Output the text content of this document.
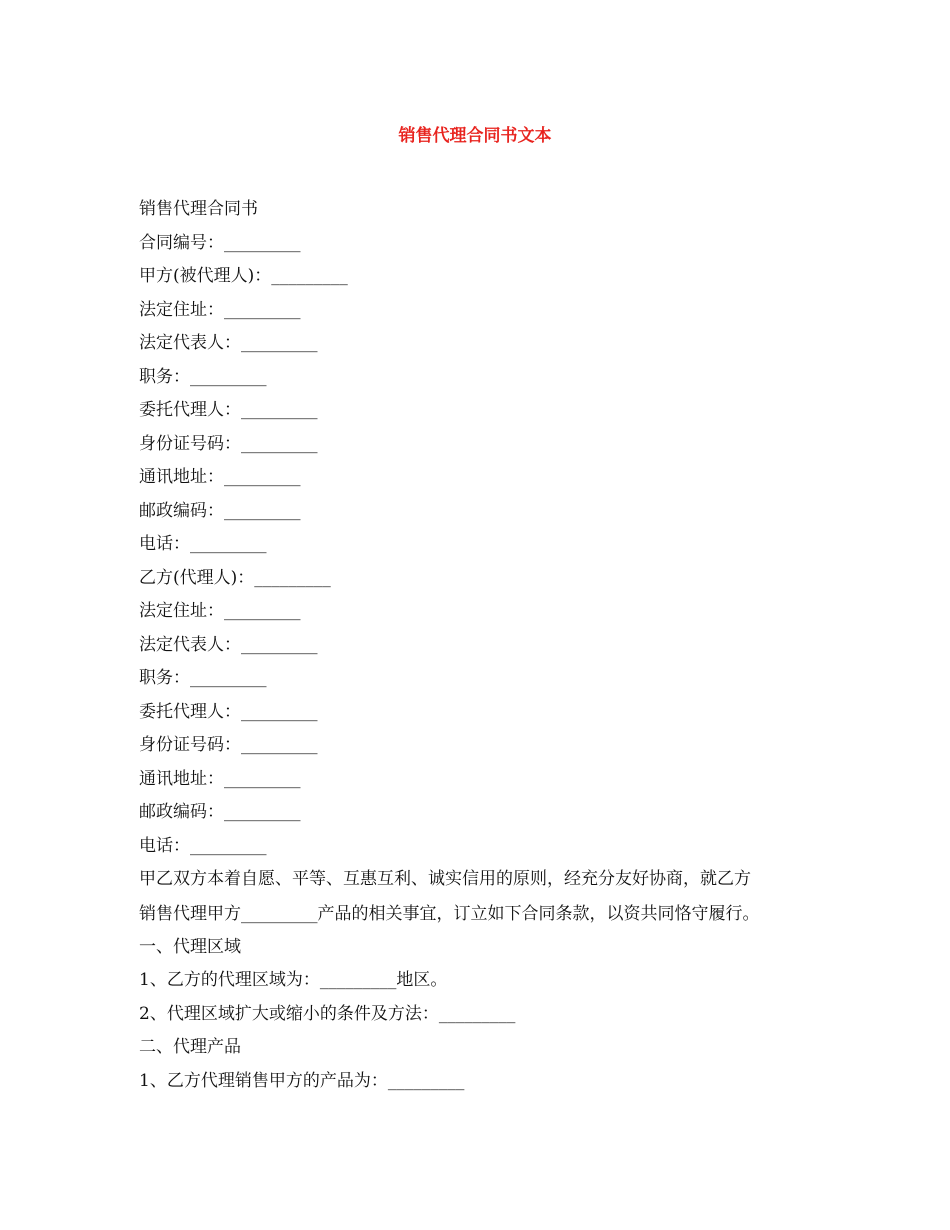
销售代理合同书文本

销售代理合同书

合同编号：_________

甲方(被代理人)：_________

法定住址：_________

法定代表人：_________

职务：_________

委托代理人：_________

身份证号码：_________

通讯地址：_________

邮政编码：_________

电话：_________

乙方(代理人)：_________

法定住址：_________

法定代表人：_________

职务：_________

委托代理人：_________

身份证号码：_________

通讯地址：_________

邮政编码：_________

电话：_________

甲乙双方本着自愿、平等、互惠互利、诚实信用的原则，经充分友好协商，就乙方

销售代理甲方_________产品的相关事宜，订立如下合同条款，以资共同恪守履行。

一、代理区域

1、乙方的代理区域为：_________地区。

2、代理区域扩大或缩小的条件及方法：_________

二、代理产品

1、乙方代理销售甲方的产品为：_________
